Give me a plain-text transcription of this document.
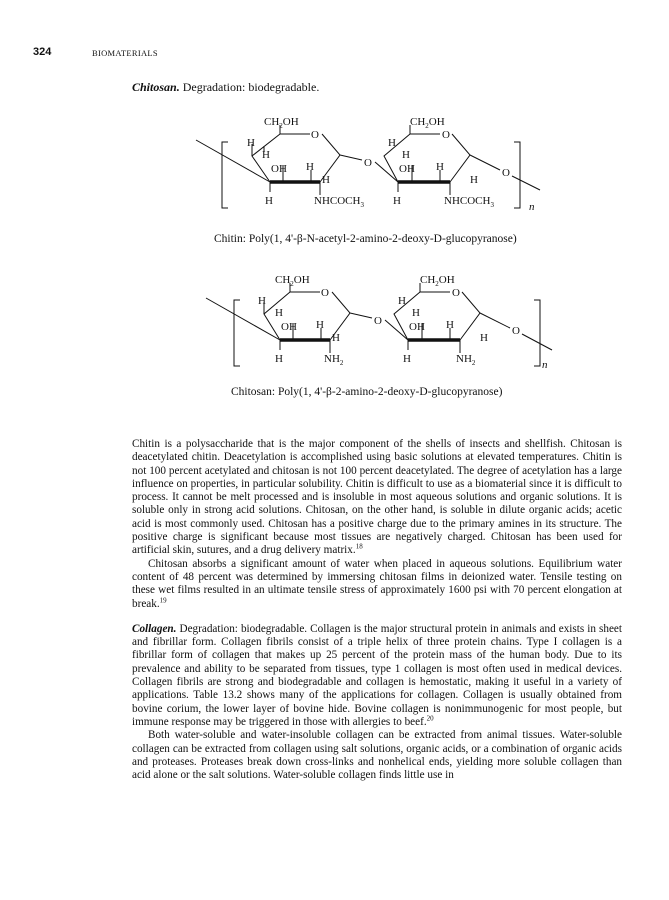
324	BIOMATERIALS
Chitosan. Degradation: biodegradable.
$CH_2OH$
O
H
H
OH H
H
O
H	$NHCOCH_3$
$CH_2OH$
O
H
H
OH H
H
O
H	$NHCOCH_3$	n
$CH_2OH$
O
H
H
OH H
H
O
H	$NH_2$
$CH_2OH$
O
H
H
OH H
H
O
H	$NH_2$	n
Chitin: Poly(1, 4'-β-N-acetyl-2-amino-2-deoxy-D-glucopyranose)
Chitosan: Poly(1, 4'-β-2-amino-2-deoxy-D-glucopyranose)

Chitin is a polysaccharide that is the major component of the shells of insects and shellfish. Chitosan is deacetylated chitin. Deacetylation is accomplished using basic solutions at elevated temperatures. Chitin is not 100 percent acetylated and chitosan is not 100 percent deacetylated. The degree of acetylation has a large influence on properties, in particular solubility. Chitin is difficult to use as a biomaterial since it is difficult to process. It cannot be melt processed and is insoluble in most aqueous solutions and organic solutions. It is soluble only in strong acid solutions. Chitosan, on the other hand, is soluble in dilute organic acids; acetic acid is most commonly used. Chitosan has a positive charge due to the primary amines in its structure. The positive charge is significant because most tissues are negatively charged. Chitosan has been used for artificial skin, sutures, and a drug delivery matrix.$^{18}$

Chitosan absorbs a significant amount of water when placed in aqueous solutions. Equilibrium water content of 48 percent was determined by immersing chitosan films in deionized water. Tensile testing on these wet films resulted in an ultimate tensile stress of approximately 1600 psi with 70 percent elongation at break.$^{19}$

Collagen. Degradation: biodegradable. Collagen is the major structural protein in animals and exists in sheet and fibrillar form. Collagen fibrils consist of a triple helix of three protein chains. Type I collagen is a fibrillar form of collagen that makes up 25 percent of the protein mass of the human body. Due to its prevalence and ability to be separated from tissues, type 1 collagen is most often used in medical devices. Collagen fibrils are strong and biodegradable and collagen is hemostatic, making it useful in a variety of applications. Table 13.2 shows many of the applications for collagen. Collagen is usually obtained from bovine corium, the lower layer of bovine hide. Bovine collagen is nonimmunogenic for most people, but immune response may be triggered in those with allergies to beef.$^{20}$

Both water-soluble and water-insoluble collagen can be extracted from animal tissues. Water-soluble collagen can be extracted from collagen using salt solutions, organic acids, or a combination of organic acids and proteases. Proteases break down cross-links and nonhelical ends, yielding more soluble collagen than acid alone or the salt solutions. Water-soluble collagen finds little use in
